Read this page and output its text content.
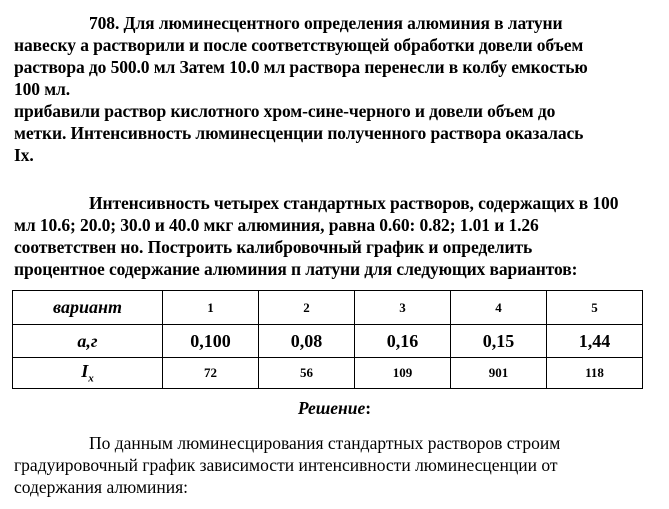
708. Для люминесцентного определения алюминия в латуни
навеску а растворили и после соответствующей обработки довели объем
раствора до 500.0 мл Затем 10.0 мл раствора перенесли в колбу емкостью
100 мл.
прибавили раствор кислотного хром-сине-черного и довели объем до
метки. Интенсивность люминесценции полученного раствора оказалась
Ix.
Интенсивность четырех стандартных растворов, содержащих в 100
мл 10.6; 20.0; 30.0 и 40.0 мкг алюминия, равна 0.60: 0.82; 1.01 и 1.26
соответствен но. Построить калибровочный график и определить
процентное содержание алюминия п латуни для следующих вариантов:
вариант	1	2	3	4	5
а,г	0,100	0,08	0,16	0,15	1,44
$I_x$	72	56	109	901	118
Решение:
По данным люминесцирования стандартных растворов строим
градуировочный график зависимости интенсивности люминесценции от
содержания алюминия:
